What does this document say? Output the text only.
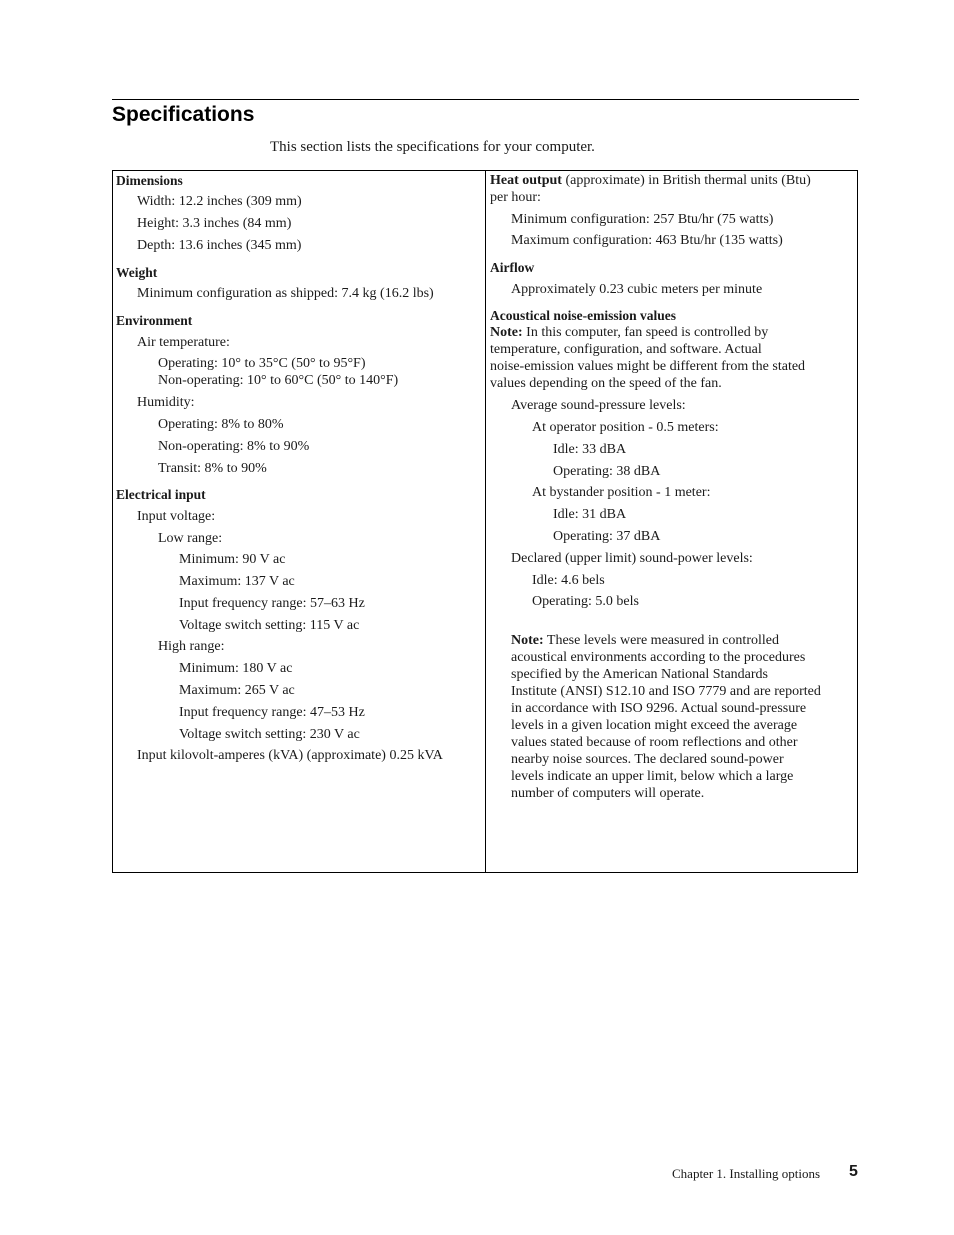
Specifications
This section lists the specifications for your computer.
Dimensions
Width: 12.2 inches (309 mm)
Height: 3.3 inches (84 mm)
Depth: 13.6 inches (345 mm)
Weight
Minimum configuration as shipped: 7.4 kg (16.2 lbs)
Environment
Air temperature:
Operating: 10° to 35°C (50° to 95°F)
Non-operating: 10° to 60°C (50° to 140°F)
Humidity:
Operating: 8% to 80%
Non-operating: 8% to 90%
Transit: 8% to 90%
Electrical input
Input voltage:
Low range:
Minimum: 90 V ac
Maximum: 137 V ac
Input frequency range: 57–63 Hz
Voltage switch setting: 115 V ac
High range:
Minimum: 180 V ac
Maximum: 265 V ac
Input frequency range: 47–53 Hz
Voltage switch setting: 230 V ac
Input kilovolt-amperes (kVA) (approximate) 0.25 kVA
Heat output (approximate) in British thermal units (Btu)
per hour:
Minimum configuration: 257 Btu/hr (75 watts)
Maximum configuration: 463 Btu/hr (135 watts)
Airflow
Approximately 0.23 cubic meters per minute
Acoustical noise-emission values
Note: In this computer, fan speed is controlled by
temperature, configuration, and software. Actual
noise-emission values might be different from the stated
values depending on the speed of the fan.
Average sound-pressure levels:
At operator position - 0.5 meters:
Idle: 33 dBA
Operating: 38 dBA
At bystander position - 1 meter:
Idle: 31 dBA
Operating: 37 dBA
Declared (upper limit) sound-power levels:
Idle: 4.6 bels
Operating: 5.0 bels
Note: These levels were measured in controlled
acoustical environments according to the procedures
specified by the American National Standards
Institute (ANSI) S12.10 and ISO 7779 and are reported
in accordance with ISO 9296. Actual sound-pressure
levels in a given location might exceed the average
values stated because of room reflections and other
nearby noise sources. The declared sound-power
levels indicate an upper limit, below which a large
number of computers will operate.
Chapter 1. Installing options 5
